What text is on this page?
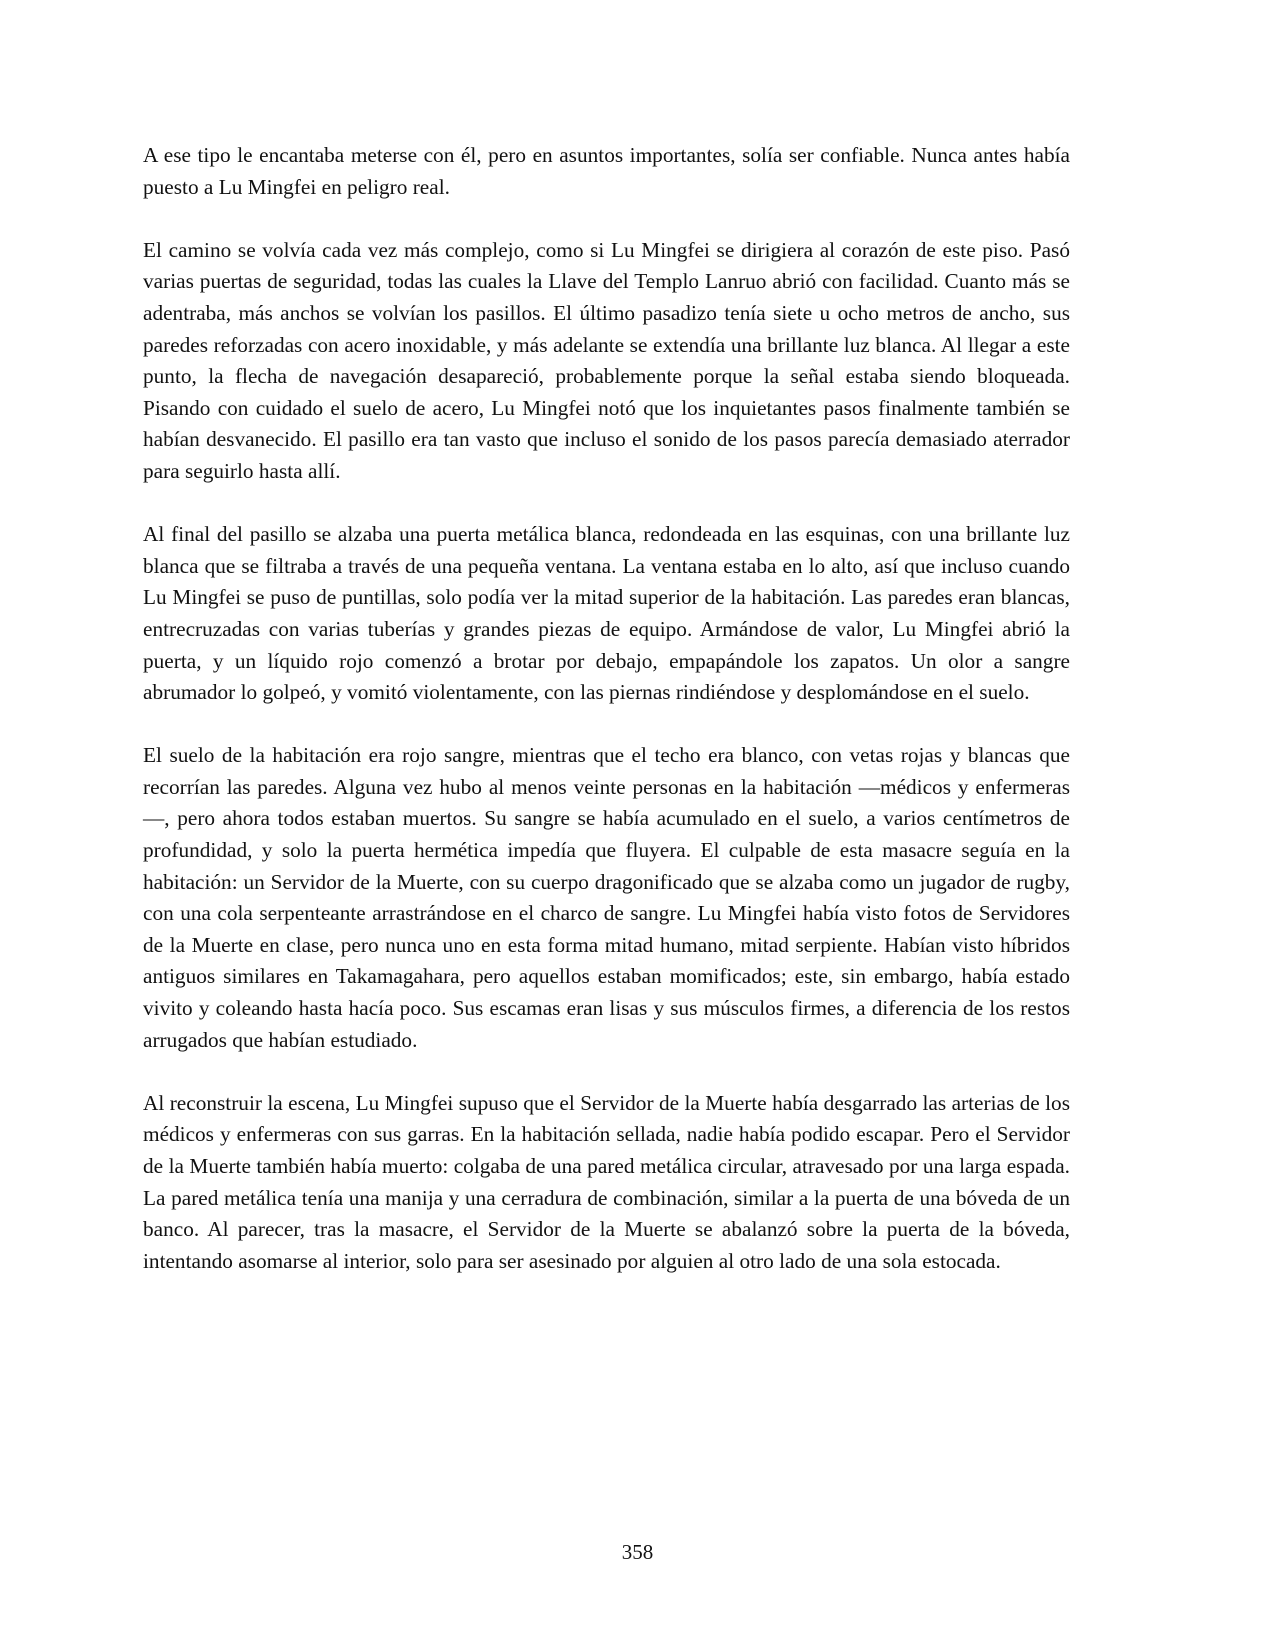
A ese tipo le encantaba meterse con él, pero en asuntos importantes, solía ser confiable. Nunca antes había puesto a Lu Mingfei en peligro real.

El camino se volvía cada vez más complejo, como si Lu Mingfei se dirigiera al corazón de este piso. Pasó varias puertas de seguridad, todas las cuales la Llave del Templo Lanruo abrió con facilidad. Cuanto más se adentraba, más anchos se volvían los pasillos. El último pasadizo tenía siete u ocho metros de ancho, sus paredes reforzadas con acero inoxidable, y más adelante se extendía una brillante luz blanca. Al llegar a este punto, la flecha de navegación desapareció, probablemente porque la señal estaba siendo bloqueada. Pisando con cuidado el suelo de acero, Lu Mingfei notó que los inquietantes pasos finalmente también se habían desvanecido. El pasillo era tan vasto que incluso el sonido de los pasos parecía demasiado aterrador para seguirlo hasta allí.

Al final del pasillo se alzaba una puerta metálica blanca, redondeada en las esquinas, con una brillante luz blanca que se filtraba a través de una pequeña ventana. La ventana estaba en lo alto, así que incluso cuando Lu Mingfei se puso de puntillas, solo podía ver la mitad superior de la habitación. Las paredes eran blancas, entrecruzadas con varias tuberías y grandes piezas de equipo. Armándose de valor, Lu Mingfei abrió la puerta, y un líquido rojo comenzó a brotar por debajo, empapándole los zapatos. Un olor a sangre abrumador lo golpeó, y vomitó violentamente, con las piernas rindiéndose y desplomándose en el suelo.

El suelo de la habitación era rojo sangre, mientras que el techo era blanco, con vetas rojas y blancas que recorrían las paredes. Alguna vez hubo al menos veinte personas en la habitación —médicos y enfermeras—, pero ahora todos estaban muertos. Su sangre se había acumulado en el suelo, a varios centímetros de profundidad, y solo la puerta hermética impedía que fluyera. El culpable de esta masacre seguía en la habitación: un Servidor de la Muerte, con su cuerpo dragonificado que se alzaba como un jugador de rugby, con una cola serpenteante arrastrándose en el charco de sangre. Lu Mingfei había visto fotos de Servidores de la Muerte en clase, pero nunca uno en esta forma mitad humano, mitad serpiente. Habían visto híbridos antiguos similares en Takamagahara, pero aquellos estaban momificados; este, sin embargo, había estado vivito y coleando hasta hacía poco. Sus escamas eran lisas y sus músculos firmes, a diferencia de los restos arrugados que habían estudiado.

Al reconstruir la escena, Lu Mingfei supuso que el Servidor de la Muerte había desgarrado las arterias de los médicos y enfermeras con sus garras. En la habitación sellada, nadie había podido escapar. Pero el Servidor de la Muerte también había muerto: colgaba de una pared metálica circular, atravesado por una larga espada. La pared metálica tenía una manija y una cerradura de combinación, similar a la puerta de una bóveda de un banco. Al parecer, tras la masacre, el Servidor de la Muerte se abalanzó sobre la puerta de la bóveda, intentando asomarse al interior, solo para ser asesinado por alguien al otro lado de una sola estocada.

358
